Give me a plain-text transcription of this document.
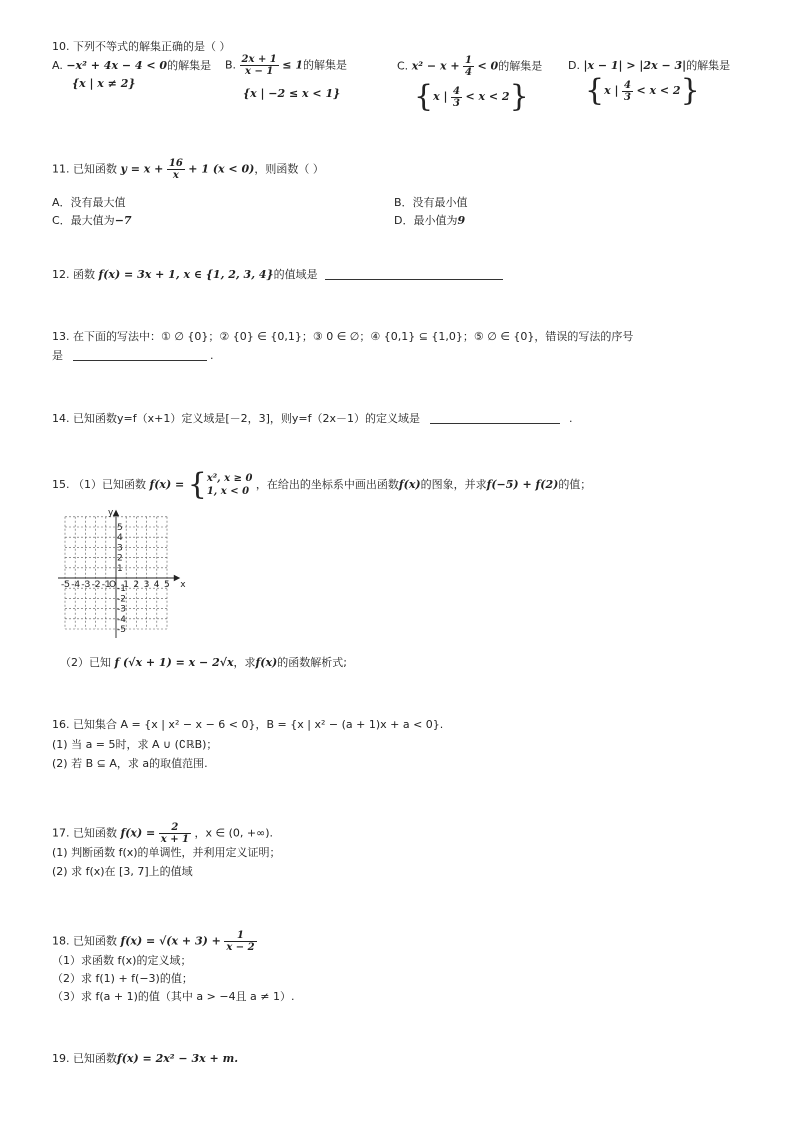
10. 下列不等式的解集正确的是（ ）
A. −x² + 4x − 4 < 0的解集是
{x | x ≠ 2}
B. $\frac{2x + 1}{x - 1} \le 1$的解集是
{x | −2 ≤ x < 1}
C. $x^2 - x + \frac{1}{4} < 0$的解集是
{x | $\frac{4}{3} < x < 2$}
D. |x − 1| > |2x − 3|的解集是
{x | $\frac{4}{3} < x < 2$}
11. 已知函数 $y = x + \frac{16}{x} + 1$ (x < 0)，则函数（ ）
A．没有最大值	B．没有最小值
C．最大值为−7	D．最小值为9
12. 函数 f(x) = 3x + 1, x ∈ {1, 2, 3, 4}的值域是
13. 在下面的写法中：① ∅ {0}；② {0} ∈ {0,1}；③ 0 ∈ ∅；④ {0,1} ⊆ {1,0}；⑤ ∅ ∈ {0}，错误的写法的序号
是	.
14. 已知函数y=f（x+1）定义域是[－2，3]，则y=f（2x－1）的定义域是	.
15. （1）已知函数 f(x) = { x², x ≥ 0
1, x < 0
，在给出的坐标系中画出函数f(x)的图象，并求f(−5) + f(2)的值；
-5 -4 -3 -2 -1 1 2 3 4 5
5
4
3
2
1
-1
-2
-3
-4
-5
O	x
y
（2）已知 f (√x + 1) = x − 2√x，求f(x)的函数解析式;
16. 已知集合 A = {x | x² − x − 6 < 0}，B = {x | x² − (a + 1)x + a < 0}.
(1) 当 a = 5时，求 A ∪ (∁ℝB)；
(2) 若 B ⊆ A，求 a的取值范围.
17. 已知函数 $f(x) = \frac{2}{x + 1}$ ，x ∈ (0, +∞).
(1) 判断函数 f(x)的单调性，并利用定义证明；
(2) 求 f(x)在 [3, 7]上的值域
18. 已知函数 $f(x) = √(x + 3) + \frac{1}{x - 2}$
（1）求函数 f(x)的定义域；
（2）求 f(1) + f(−3)的值；
（3）求 f(a + 1)的值（其中 a > −4且 a ≠ 1）.
19. 已知函数f(x) = 2x² − 3x + m.
